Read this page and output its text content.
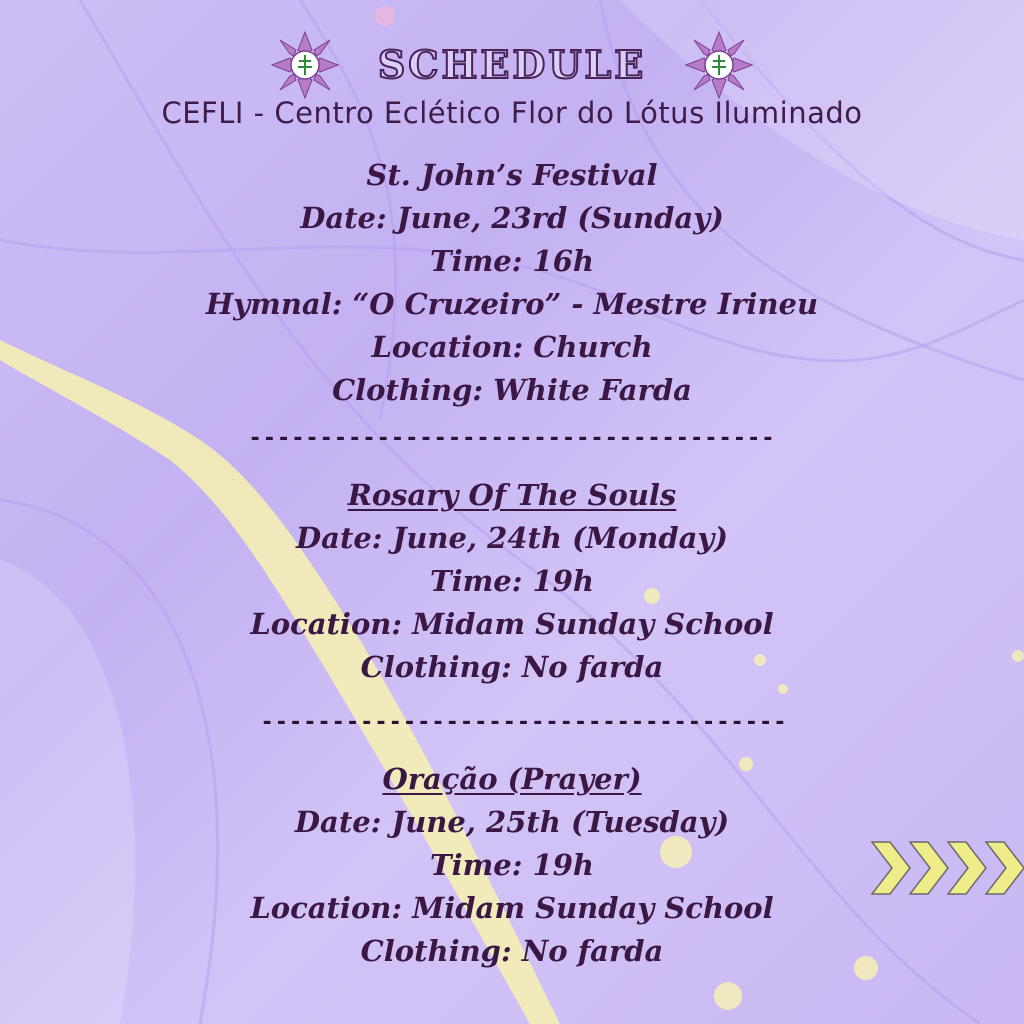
SCHEDULE
CEFLI - Centro Eclético Flor do Lótus Iluminado
St. John’s Festival
Date: June, 23rd (Sunday)
Time: 16h
Hymnal: “O Cruzeiro” - Mestre Irineu
Location: Church
Clothing: White Farda
-------------------------------------
Rosary Of The Souls
Date: June, 24th (Monday)
Time: 19h
Location: Midam Sunday School
Clothing: No farda
-------------------------------------
Oração (Prayer)
Date: June, 25th (Tuesday)
Time: 19h
Location: Midam Sunday School
Clothing: No farda
